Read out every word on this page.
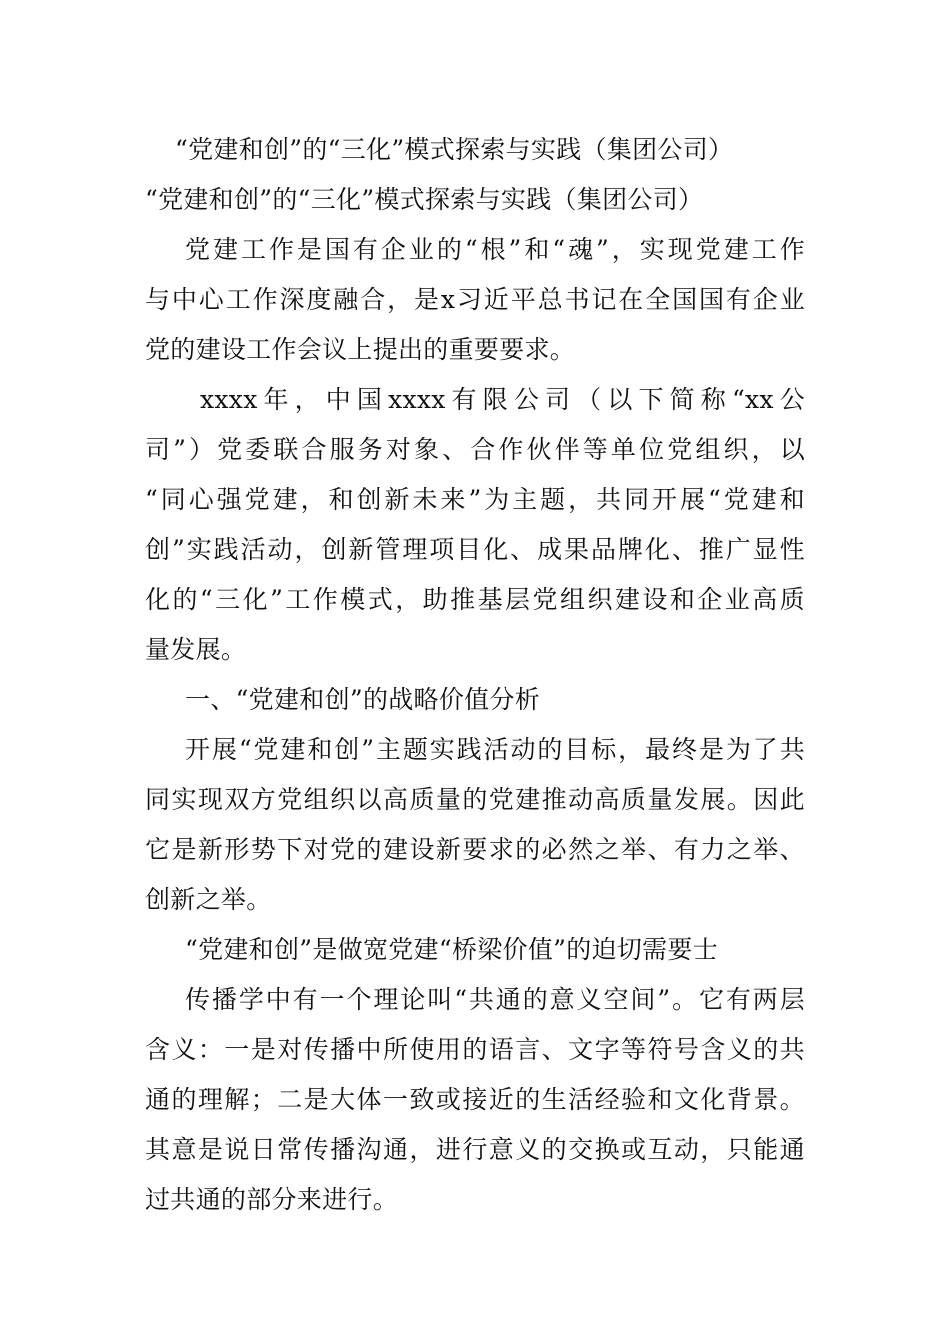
“党建和创”的“三化”模式探索与实践（集团公司）
“党建和创”的“三化”模式探索与实践（集团公司）
党建工作是国有企业的“根”和“魂”，实现党建工作
与中心工作深度融合，是x习近平总书记在全国国有企业
党的建设工作会议上提出的重要要求。
xxxx年，中国xxxx有限公司（以下简称“xx公
司”）党委联合服务对象、合作伙伴等单位党组织，以
“同心强党建，和创新未来”为主题，共同开展“党建和
创”实践活动，创新管理项目化、成果品牌化、推广显性
化的“三化”工作模式，助推基层党组织建设和企业高质
量发展。
一、“党建和创”的战略价值分析
开展“党建和创”主题实践活动的目标，最终是为了共
同实现双方党组织以高质量的党建推动高质量发展。因此
它是新形势下对党的建设新要求的必然之举、有力之举、
创新之举。
“党建和创”是做宽党建“桥梁价值”的迫切需要士
传播学中有一个理论叫“共通的意义空间”。它有两层
含义：一是对传播中所使用的语言、文字等符号含义的共
通的理解；二是大体一致或接近的生活经验和文化背景。
其意是说日常传播沟通，进行意义的交换或互动，只能通
过共通的部分来进行。
